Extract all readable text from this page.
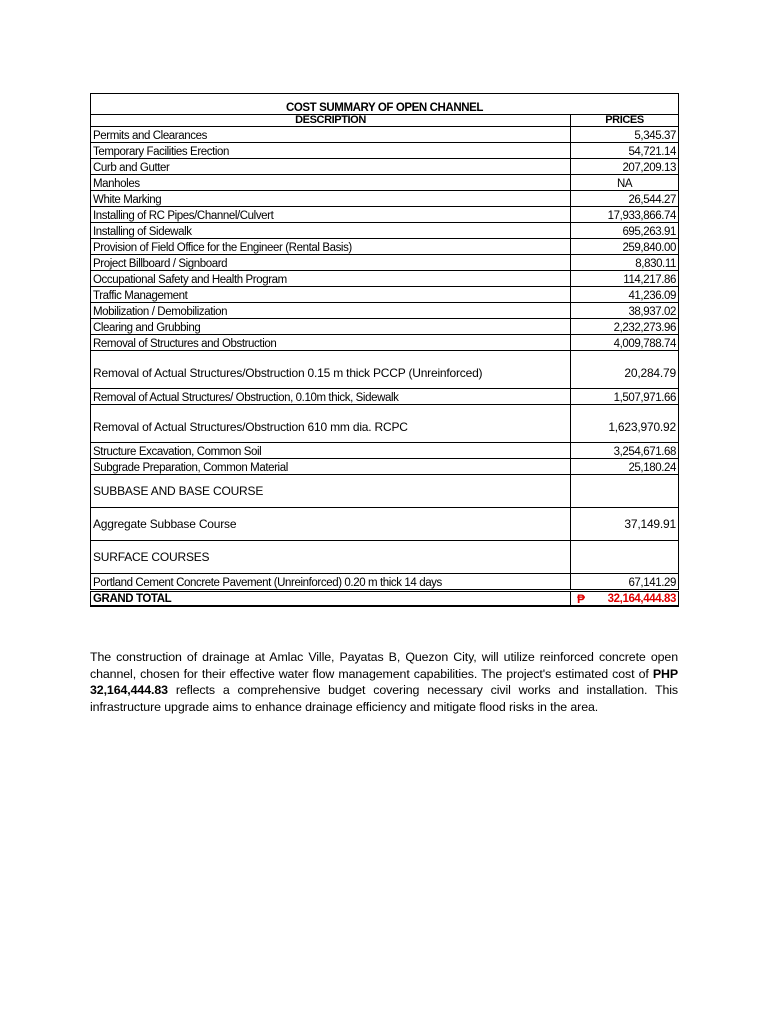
COST SUMMARY OF OPEN CHANNEL	
DESCRIPTION	PRICES
Permits and Clearances	5,345.37
Temporary Facilities Erection	54,721.14
Curb and Gutter	207,209.13
Manholes	NA
White Marking	26,544.27
Installing of RC Pipes/Channel/Culvert	17,933,866.74
Installing of Sidewalk	695,263.91
Provision of Field Office for the Engineer (Rental Basis)	259,840.00
Project Billboard / Signboard	8,830.11
Occupational Safety and Health Program	114,217.86
Traffic Management	41,236.09
Mobilization / Demobilization	38,937.02
Clearing and Grubbing	2,232,273.96
Removal of Structures and Obstruction	4,009,788.74
Removal of Actual Structures/Obstruction 0.15 m thick PCCP (Unreinforced)	20,284.79
Removal of Actual Structures/ Obstruction, 0.10m thick, Sidewalk	1,507,971.66
Removal of Actual Structures/Obstruction 610 mm dia. RCPC	1,623,970.92
Structure Excavation, Common Soil	3,254,671.68
Subgrade Preparation, Common Material	25,180.24
SUBBASE AND BASE COURSE	
Aggregate Subbase Course	37,149.91
SURFACE COURSES	
Portland Cement Concrete Pavement (Unreinforced) 0.20 m thick 14 days	67,141.29
GRAND TOTAL	₱ 32,164,444.83

The construction of drainage at Amlac Ville, Payatas B, Quezon City, will utilize reinforced concrete open channel, chosen for their effective water flow management capabilities. The project's estimated cost of PHP 32,164,444.83 reflects a comprehensive budget covering necessary civil works and installation. This infrastructure upgrade aims to enhance drainage efficiency and mitigate flood risks in the area.
